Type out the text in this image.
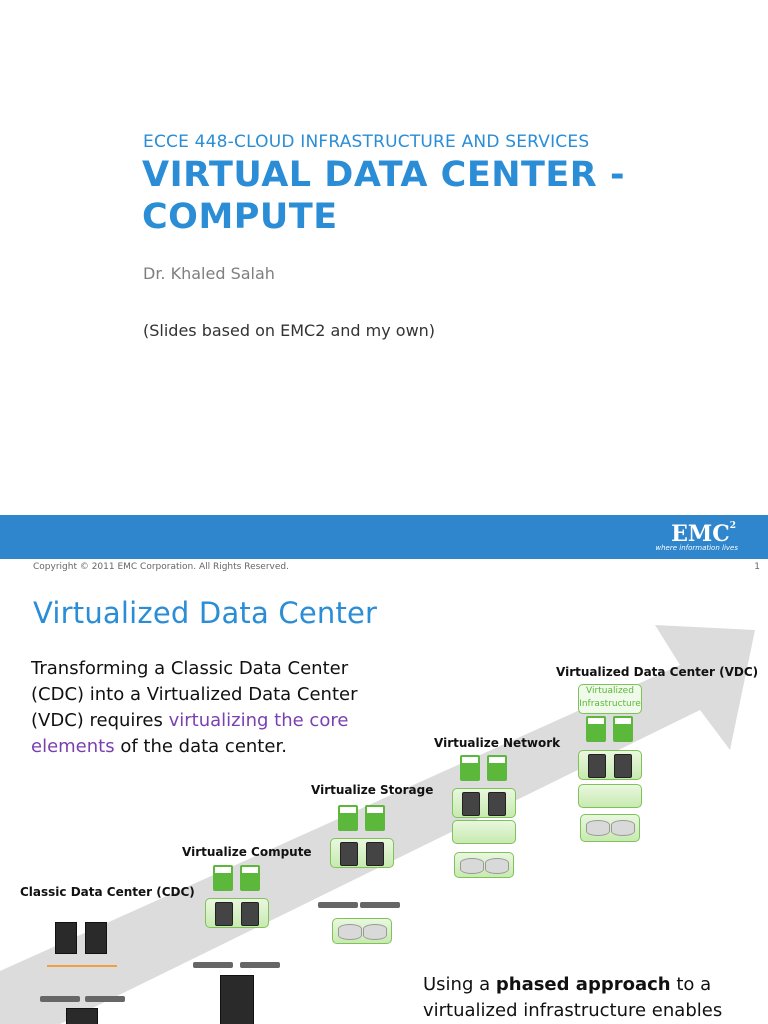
ECCE 448-CLOUD INFRASTRUCTURE AND SERVICES
VIRTUAL DATA CENTER -
COMPUTE
Dr. Khaled Salah
(Slides based on EMC2 and my own)
EMC$^2$
where information lives
Copyright © 2011 EMC Corporation. All Rights Reserved.	1
Virtualized Data Center
Transforming a Classic Data Center (CDC) into a Virtualized Data Center (VDC) requires virtualizing the core elements of the data center.
Using a phased approach to a virtualized infrastructure enables
Classic Data Center (CDC)
Virtualize Compute
Virtualize Storage
Virtualize Network
Virtualized Data Center (VDC)
Virtualized Infrastructure
